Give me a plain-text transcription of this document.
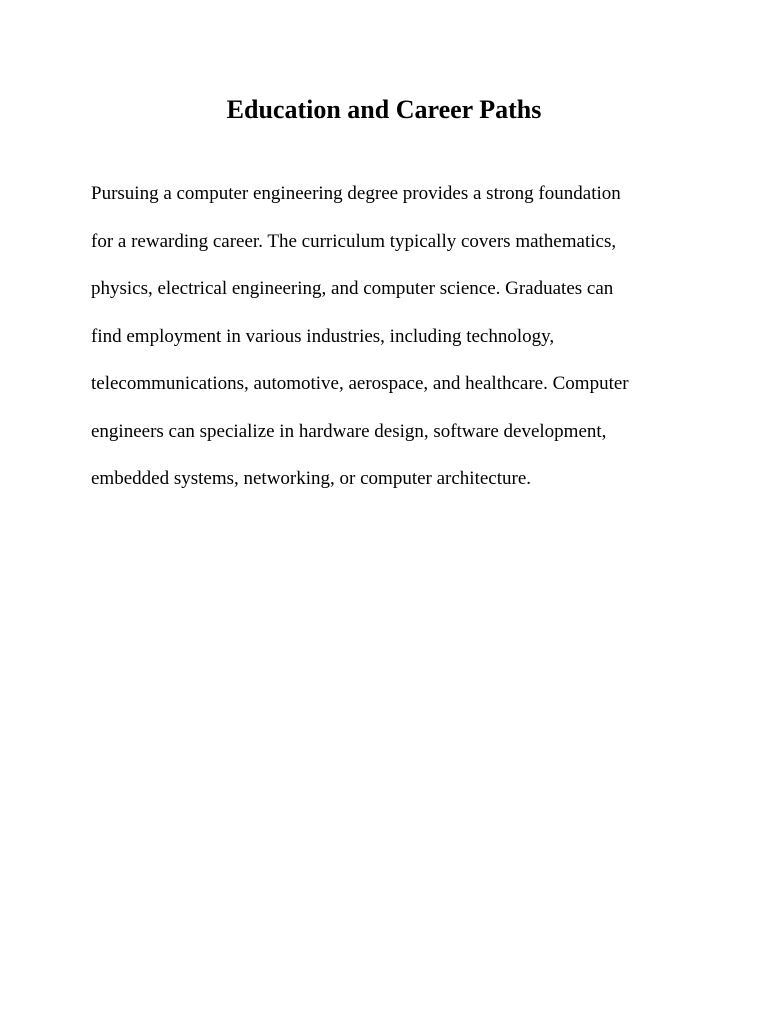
Education and Career Paths

Pursuing a computer engineering degree provides a strong foundation
for a rewarding career. The curriculum typically covers mathematics,
physics, electrical engineering, and computer science. Graduates can
find employment in various industries, including technology,
telecommunications, automotive, aerospace, and healthcare. Computer
engineers can specialize in hardware design, software development,
embedded systems, networking, or computer architecture.
